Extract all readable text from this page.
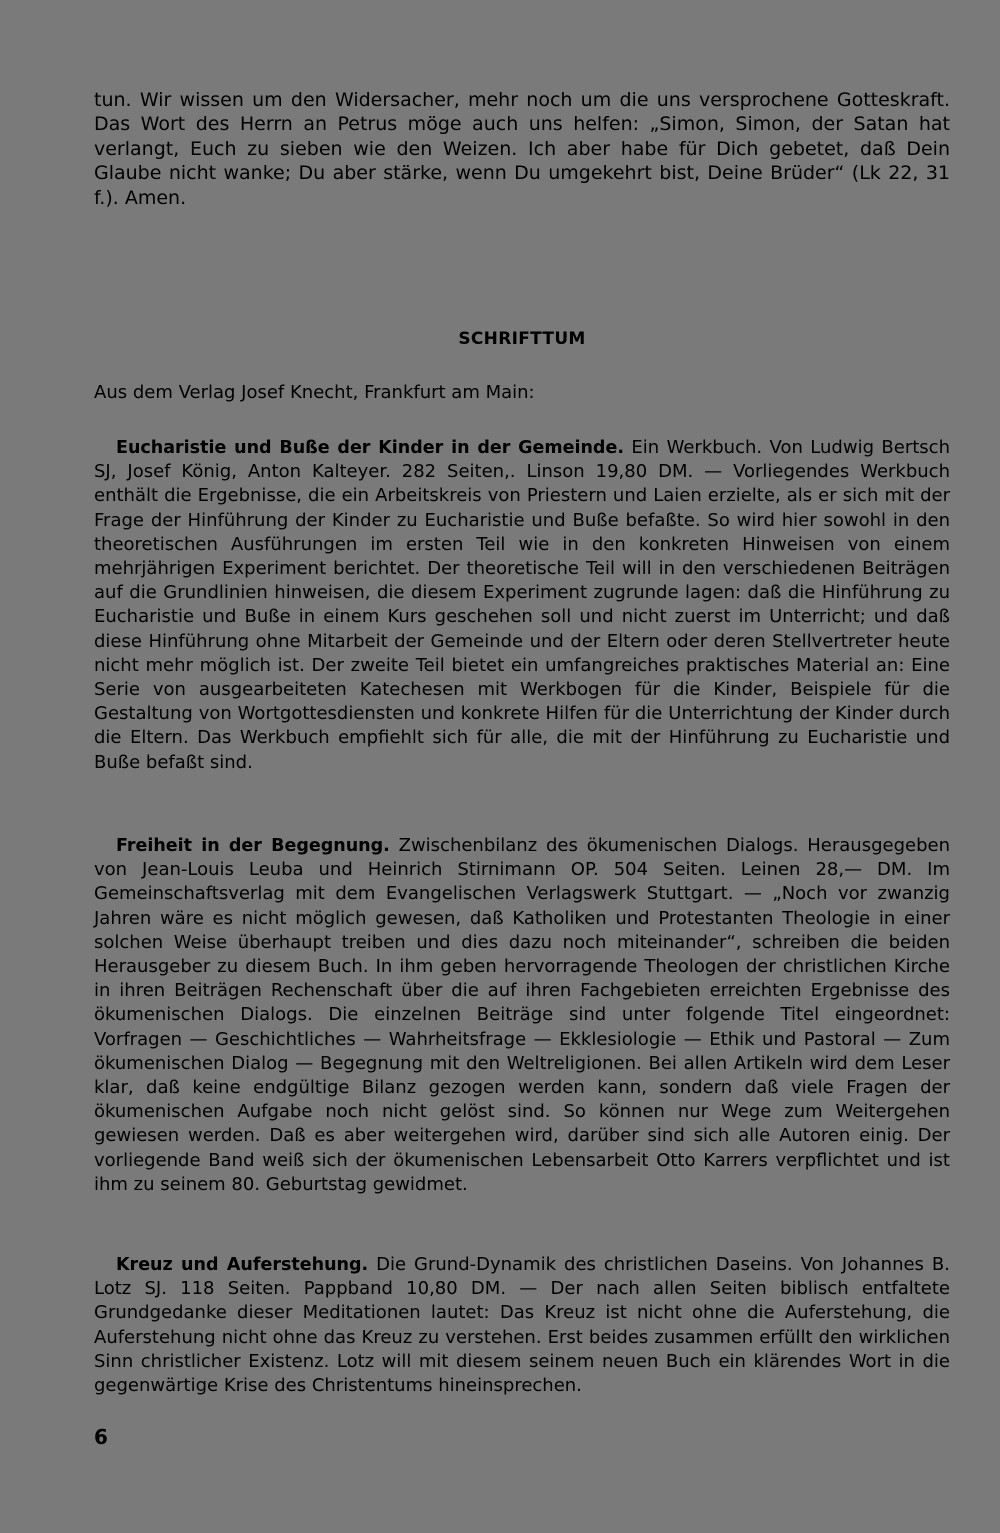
tun. Wir wissen um den Widersacher, mehr noch um die uns versprochene Gotteskraft. Das Wort des Herrn an Petrus möge auch uns helfen: „Simon, Simon, der Satan hat verlangt, Euch zu sieben wie den Weizen. Ich aber habe für Dich gebetet, daß Dein Glaube nicht wanke; Du aber stärke, wenn Du umgekehrt bist, Deine Brüder“ (Lk 22, 31 f.). Amen.

SCHRIFTTUM

Aus dem Verlag Josef Knecht, Frankfurt am Main:

Eucharistie und Buße der Kinder in der Gemeinde. Ein Werkbuch. Von Ludwig Bertsch SJ, Josef König, Anton Kalteyer. 282 Seiten,. Linson 19,80 DM. — Vorliegendes Werkbuch enthält die Ergebnisse, die ein Arbeitskreis von Priestern und Laien erzielte, als er sich mit der Frage der Hinführung der Kinder zu Eucharistie und Buße befaßte. So wird hier sowohl in den theoretischen Ausführungen im ersten Teil wie in den konkreten Hinweisen von einem mehrjährigen Experiment berichtet. Der theoretische Teil will in den verschiedenen Beiträgen auf die Grundlinien hinweisen, die diesem Experiment zugrunde lagen: daß die Hinführung zu Eucharistie und Buße in einem Kurs geschehen soll und nicht zuerst im Unterricht; und daß diese Hinführung ohne Mitarbeit der Gemeinde und der Eltern oder deren Stellvertreter heute nicht mehr möglich ist. Der zweite Teil bietet ein umfangreiches praktisches Material an: Eine Serie von ausgearbeiteten Katechesen mit Werkbogen für die Kinder, Beispiele für die Gestaltung von Wortgottesdiensten und konkrete Hilfen für die Unterrichtung der Kinder durch die Eltern. Das Werkbuch empfiehlt sich für alle, die mit der Hinführung zu Eucharistie und Buße befaßt sind.

Freiheit in der Begegnung. Zwischenbilanz des ökumenischen Dialogs. Herausgegeben von Jean-Louis Leuba und Heinrich Stirnimann OP. 504 Seiten. Leinen 28,— DM. Im Gemeinschaftsverlag mit dem Evangelischen Verlagswerk Stuttgart. — „Noch vor zwanzig Jahren wäre es nicht möglich gewesen, daß Katholiken und Protestanten Theologie in einer solchen Weise überhaupt treiben und dies dazu noch miteinander“, schreiben die beiden Herausgeber zu diesem Buch. In ihm geben hervorragende Theologen der christlichen Kirche in ihren Beiträgen Rechenschaft über die auf ihren Fachgebieten erreichten Ergebnisse des ökumenischen Dialogs. Die einzelnen Beiträge sind unter folgende Titel eingeordnet: Vorfragen — Geschichtliches — Wahrheitsfrage — Ekklesiologie — Ethik und Pastoral — Zum ökumenischen Dialog — Begegnung mit den Weltreligionen. Bei allen Artikeln wird dem Leser klar, daß keine endgültige Bilanz gezogen werden kann, sondern daß viele Fragen der ökumenischen Aufgabe noch nicht gelöst sind. So können nur Wege zum Weitergehen gewiesen werden. Daß es aber weitergehen wird, darüber sind sich alle Autoren einig. Der vorliegende Band weiß sich der ökumenischen Lebensarbeit Otto Karrers verpflichtet und ist ihm zu seinem 80. Geburtstag gewidmet.

Kreuz und Auferstehung. Die Grund-Dynamik des christlichen Daseins. Von Johannes B. Lotz SJ. 118 Seiten. Pappband 10,80 DM. — Der nach allen Seiten biblisch entfaltete Grundgedanke dieser Meditationen lautet: Das Kreuz ist nicht ohne die Auferstehung, die Auferstehung nicht ohne das Kreuz zu verstehen. Erst beides zusammen erfüllt den wirklichen Sinn christlicher Existenz. Lotz will mit diesem seinem neuen Buch ein klärendes Wort in die gegenwärtige Krise des Christentums hineinsprechen.

6
